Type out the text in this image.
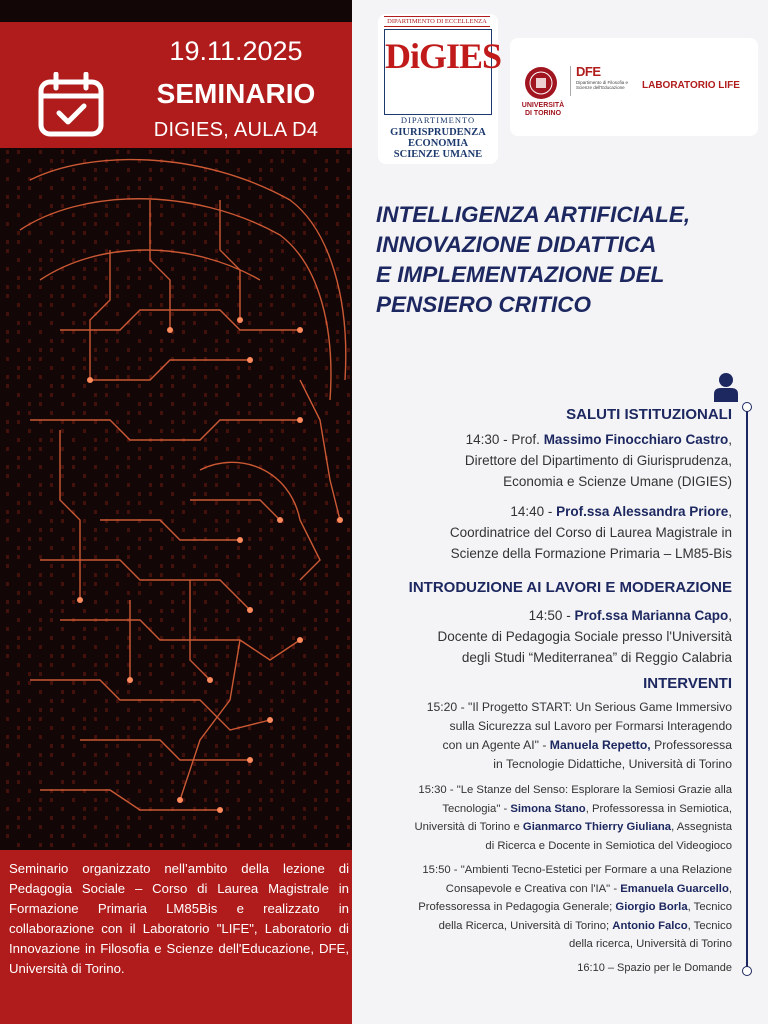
19.11.2025
SEMINARIO
DIGIES, AULA D4
Seminario organizzato nell’ambito della lezione di Pedagogia Sociale – Corso di Laurea Magistrale in Formazione Primaria LM85Bis e realizzato in collaborazione con il Laboratorio "LIFE", Laboratorio di Innovazione in Filosofia e Scienze dell'Educazione, DFE, Università di Torino.
DIPARTIMENTO DI ECCELLENZA
DiGIES
DIPARTIMENTO
GIURISPRUDENZA
ECONOMIA
SCIENZE UMANE
UNIVERSITÀ DI TORINO
DFE
Dipartimento di Filosofia e Scienze dell'Educazione	LABORATORIO LIFE
INTELLIGENZA ARTIFICIALE,
INNOVAZIONE DIDATTICA
E IMPLEMENTAZIONE DEL
PENSIERO CRITICO
SALUTI ISTITUZIONALI
14:30 - Prof. Massimo Finocchiaro Castro,
Direttore del Dipartimento di Giurisprudenza,
Economia e Scienze Umane (DIGIES)
14:40 - Prof.ssa Alessandra Priore,
Coordinatrice del Corso di Laurea Magistrale in
Scienze della Formazione Primaria – LM85-Bis
INTRODUZIONE AI LAVORI E MODERAZIONE
14:50 - Prof.ssa Marianna Capo,
Docente di Pedagogia Sociale presso l'Università
degli Studi “Mediterranea” di Reggio Calabria
INTERVENTI
15:20 - "Il Progetto START: Un Serious Game Immersivo
sulla Sicurezza sul Lavoro per Formarsi Interagendo
con un Agente AI" - Manuela Repetto, Professoressa
in Tecnologie Didattiche, Università di Torino
15:30 - "Le Stanze del Senso: Esplorare la Semiosi Grazie alla
Tecnologia" - Simona Stano, Professoressa in Semiotica,
Università di Torino e Gianmarco Thierry Giuliana, Assegnista
di Ricerca e Docente in Semiotica del Videogioco
15:50 - "Ambienti Tecno-Estetici per Formare a una Relazione
Consapevole e Creativa con l'IA" - Emanuela Guarcello,
Professoressa in Pedagogia Generale; Giorgio Borla, Tecnico
della Ricerca, Università di Torino; Antonio Falco, Tecnico
della ricerca, Università di Torino
16:10 – Spazio per le Domande
